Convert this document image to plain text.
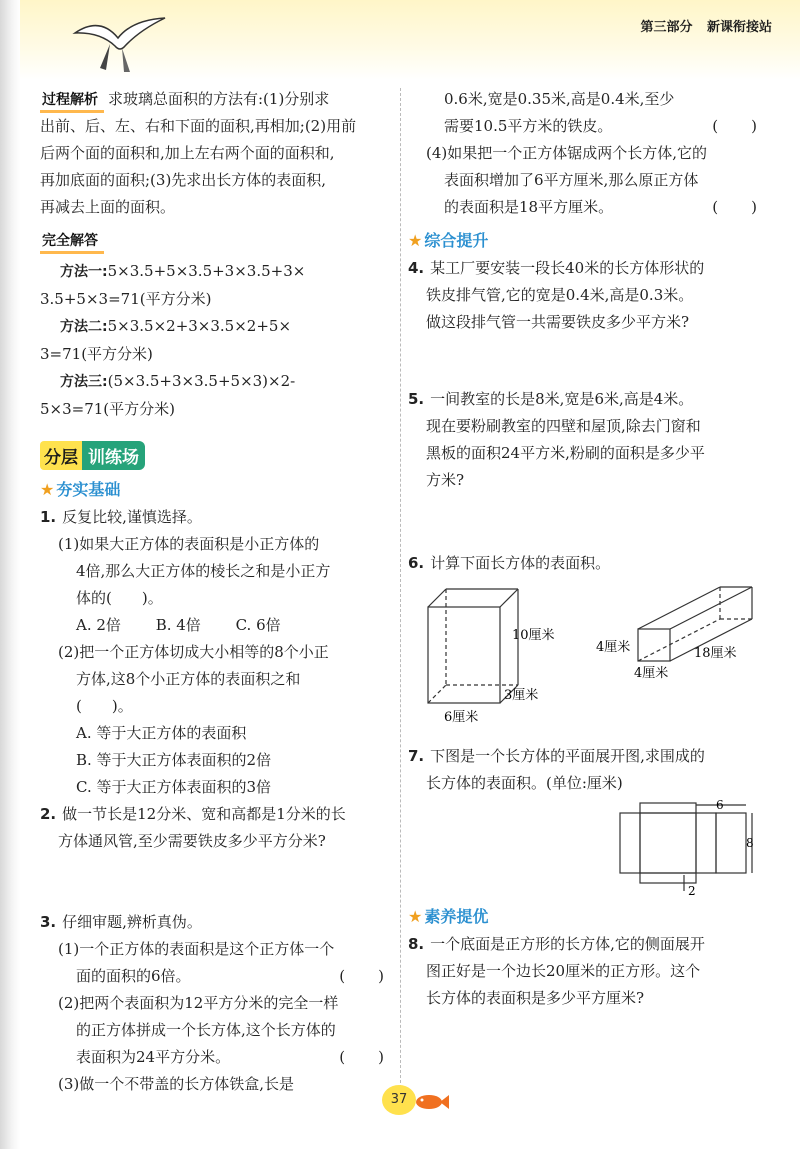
第三部分 新课衔接站

过程解析 求玻璃总面积的方法有:(1)分别求

出前、后、左、右和下面的面积,再相加;(2)用前

后两个面的面积和,加上左右两个面的面积和,

再加底面的面积;(3)先求出长方体的表面积,

再减去上面的面积。

完全解答

方法一:5×3.5+5×3.5+3×3.5+3×

3.5+5×3=71(平方分米)

方法二:5×3.5×2+3×3.5×2+5×

3=71(平方分米)

方法三:(5×3.5+3×3.5+5×3)×2-

5×3=71(平方分米)

分层 训练场
★ 夯实基础

1. 反复比较,谨慎选择。

(1)如果大正方体的表面积是小正方体的

4倍,那么大正方体的棱长之和是小正方

体的(　　)。

A. 2倍 B. 4倍 C. 6倍

(2)把一个正方体切成大小相等的8个小正

方体,这8个小正方体的表面积之和

(　　)。

A. 等于大正方体的表面积

B. 等于大正方体表面积的2倍

C. 等于大正方体表面积的3倍

2. 做一节长是12分米、宽和高都是1分米的长

方体通风管,至少需要铁皮多少平方分米?

3. 仔细审题,辨析真伪。

(1)一个正方体的表面积是这个正方体一个

面的面积的6倍。	(　　)

(2)把两个表面积为12平方分米的完全一样

的正方体拼成一个长方体,这个长方体的

表面积为24平方分米。	(　　)

(3)做一个不带盖的长方体铁盒,长是

0.6米,宽是0.35米,高是0.4米,至少

需要10.5平方米的铁皮。	(　　)

(4)如果把一个正方体锯成两个长方体,它的

表面积增加了6平方厘米,那么原正方体

的表面积是18平方厘米。	(　　)

★ 综合提升

4. 某工厂要安装一段长40米的长方体形状的

铁皮排气管,它的宽是0.4米,高是0.3米。

做这段排气管一共需要铁皮多少平方米?

5. 一间教室的长是8米,宽是6米,高是4米。

现在要粉刷教室的四壁和屋顶,除去门窗和

黑板的面积24平方米,粉刷的面积是多少平

方米?

6. 计算下面长方体的表面积。

10厘米
3厘米
6厘米
4厘米
4厘米
18厘米

7. 下图是一个长方体的平面展开图,求围成的

长方体的表面积。(单位:厘米)

6
8
2
★ 素养提优

8. 一个底面是正方形的长方体,它的侧面展开

图正好是一个边长20厘米的正方形。这个

长方体的表面积是多少平方厘米?

37
